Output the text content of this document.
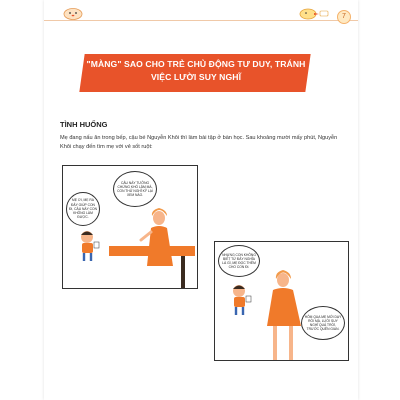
7
"MÀNG" SAO CHO TRẺ CHỦ ĐỘNG TƯ DUY, TRÁNH
VIỆC LƯỜI SUY NGHĨ
TÌNH HUỐNG
Mẹ đang nấu ăn trong bếp, cậu bé Nguyễn Khôi thì làm bài tập ở bàn học. Sau khoảng mười mấy phút, Nguyễn Khôi chạy đến tìm mẹ với vẻ sốt ruột:
MẸ ƠI, MẸ RA ĐÂY GIÚP CON ĐI, CÂU NÀY CON KHÔNG LÀM ĐƯỢC.
CÂU NÀY TƯỞNG CHỪNG KHÓ LẮM MÀ, CON THỬ NGHĨ KỸ LẠI XEM NÀO.
NHƯNG CON KHÔNG BIẾT TỪ ĐÂY NGHĨA LÀ GÌ, MẸ ĐỌC THÊM CHO CON ĐI.
HÔM QUA MẸ MỚI DẠY RỒI MÀ, LƯỜI SUY NGHĨ QUÁ TRỜI, TRƯỚC QUÊN GIAN.
